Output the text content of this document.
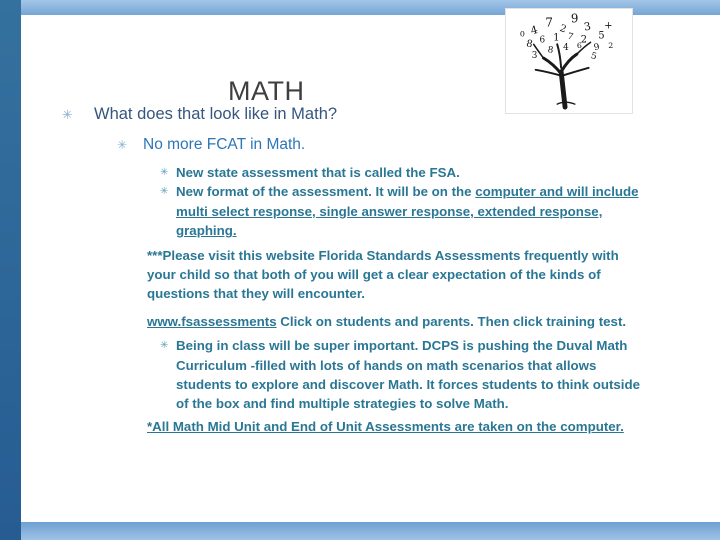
4
7 2
9
3
5
8 6 1 7 2
9
3
8 4 6
5
+
2
0
MATH
✳	What does that look like in Math?
✳	No more FCAT in Math.
✳ New state assessment that is called the FSA.
✳ New format of the assessment. It will be on the computer and will include multi select response, single answer response, extended response, graphing.
***Please visit this website Florida Standards Assessments frequently with your child so that both of you will get a clear expectation of the kinds of questions that they will encounter.
www.fsassessments Click on students and parents. Then click training test.
✳ Being in class will be super important. DCPS is pushing the Duval Math Curriculum -filled with lots of hands on math scenarios that allows students to explore and discover Math. It forces students to think outside of the box and find multiple strategies to solve Math.
*All Math Mid Unit and End of Unit Assessments are taken on the computer.
